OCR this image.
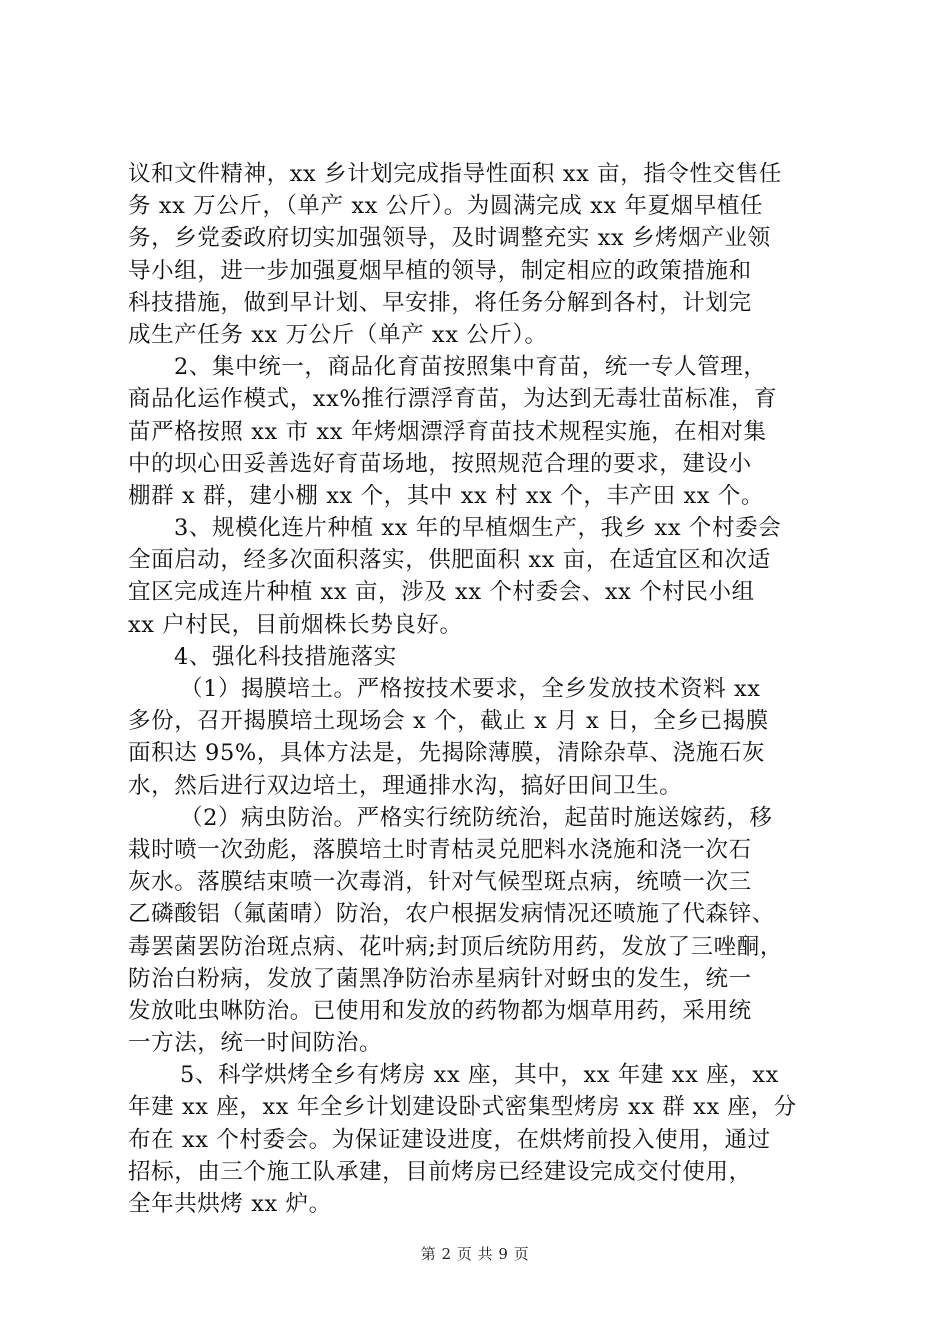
议和文件精神，xx 乡计划完成指导性面积 xx 亩，指令性交售任
务 xx 万公斤，（单产 xx 公斤）。为圆满完成 xx 年夏烟早植任
务，乡党委政府切实加强领导，及时调整充实 xx 乡烤烟产业领
导小组，进一步加强夏烟早植的领导，制定相应的政策措施和
科技措施，做到早计划、早安排，将任务分解到各村，计划完
成生产任务 xx 万公斤（单产 xx 公斤）。
2、集中统一，商品化育苗按照集中育苗，统一专人管理，
商品化运作模式，xx%推行漂浮育苗，为达到无毒壮苗标准，育
苗严格按照 xx 市 xx 年烤烟漂浮育苗技术规程实施，在相对集
中的坝心田妥善选好育苗场地，按照规范合理的要求，建设小
棚群 x 群，建小棚 xx 个，其中 xx 村 xx 个，丰产田 xx 个。
3、规模化连片种植 xx 年的早植烟生产，我乡 xx 个村委会
全面启动，经多次面积落实，供肥面积 xx 亩，在适宜区和次适
宜区完成连片种植 xx 亩，涉及 xx 个村委会、xx 个村民小组
xx 户村民，目前烟株长势良好。
4、强化科技措施落实
（1）揭膜培土。严格按技术要求，全乡发放技术资料 xx
多份，召开揭膜培土现场会 x 个，截止 x 月 x 日，全乡已揭膜
面积达 95%，具体方法是，先揭除薄膜，清除杂草、浇施石灰
水，然后进行双边培土，理通排水沟，搞好田间卫生。
（2）病虫防治。严格实行统防统治，起苗时施送嫁药，移
栽时喷一次劲彪，落膜培土时青枯灵兑肥料水浇施和浇一次石
灰水。落膜结束喷一次毒消，针对气候型斑点病，统喷一次三
乙磷酸铝（氟菌晴）防治，农户根据发病情况还喷施了代森锌、
毒罢菌罢防治斑点病、花叶病;封顶后统防用药，发放了三唑酮，
防治白粉病，发放了菌黑净防治赤星病针对蚜虫的发生，统一
发放吡虫啉防治。已使用和发放的药物都为烟草用药，采用统
一方法，统一时间防治。
5、科学烘烤全乡有烤房 xx 座，其中，xx 年建 xx 座，xx
年建 xx 座，xx 年全乡计划建设卧式密集型烤房 xx 群 xx 座，分
布在 xx 个村委会。为保证建设进度，在烘烤前投入使用，通过
招标，由三个施工队承建，目前烤房已经建设完成交付使用，
全年共烘烤 xx 炉。
第 2 页 共 9 页
